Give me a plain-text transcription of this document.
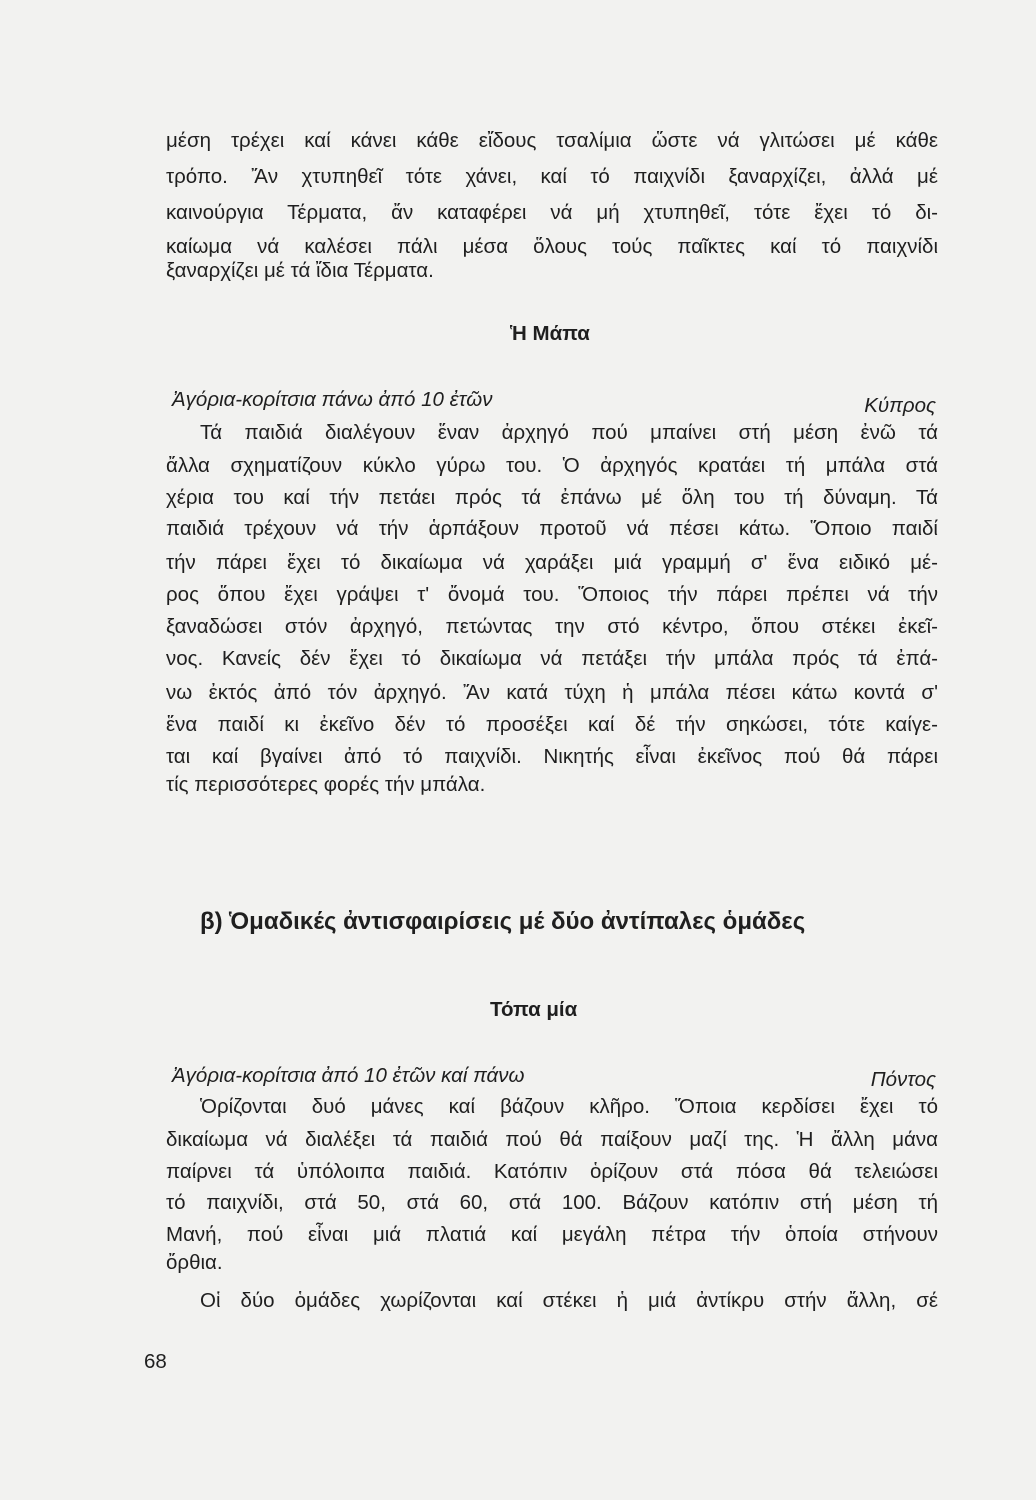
μέση τρέχει καί κάνει κάθε εἴδους τσαλίμια ὥστε νά γλιτώσει μέ κάθε
τρόπο. Ἄν χτυπηθεῖ τότε χάνει, καί τό παιχνίδι ξαναρχίζει, ἀλλά μέ
καινούργια Τέρματα, ἄν καταφέρει νά μή χτυπηθεῖ, τότε ἔχει τό δι-
καίωμα νά καλέσει πάλι μέσα ὅλους τούς παῖκτες καί τό παιχνίδι
ξαναρχίζει μέ τά ἴδια Τέρματα.
Ἡ Μάπα
Ἀγόρια-κορίτσια πάνω ἀπό 10 ἐτῶν	Κύπρος
Τά παιδιά διαλέγουν ἕναν ἀρχηγό πού μπαίνει στή μέση ἐνῶ τά
ἄλλα σχηματίζουν κύκλο γύρω του. Ὁ ἀρχηγός κρατάει τή μπάλα στά
χέρια του καί τήν πετάει πρός τά ἐπάνω μέ ὅλη του τή δύναμη. Τά
παιδιά τρέχουν νά τήν ἁρπάξουν προτοῦ νά πέσει κάτω. Ὅποιο παιδί
τήν πάρει ἔχει τό δικαίωμα νά χαράξει μιά γραμμή σ' ἕνα ειδικό μέ-
ρος ὅπου ἔχει γράψει τ' ὄνομά του. Ὅποιος τήν πάρει πρέπει νά τήν
ξαναδώσει στόν ἀρχηγό, πετώντας την στό κέντρο, ὅπου στέκει ἐκεῖ-
νος. Κανείς δέν ἔχει τό δικαίωμα νά πετάξει τήν μπάλα πρός τά ἐπά-
νω ἐκτός ἀπό τόν ἀρχηγό. Ἄν κατά τύχη ἡ μπάλα πέσει κάτω κοντά σ'
ἕνα παιδί κι ἐκεῖνο δέν τό προσέξει καί δέ τήν σηκώσει, τότε καίγε-
ται καί βγαίνει ἀπό τό παιχνίδι. Νικητής εἶναι ἐκεῖνος πού θά πάρει
τίς περισσότερες φορές τήν μπάλα.
β) Ὁμαδικές ἀντισφαιρίσεις μέ δύο ἀντίπαλες ὁμάδες
Τόπα μία
Ἀγόρια-κορίτσια ἀπό 10 ἐτῶν καί πάνω	Πόντος
Ὁρίζονται δυό μάνες καί βάζουν κλῆρο. Ὅποια κερδίσει ἔχει τό
δικαίωμα νά διαλέξει τά παιδιά πού θά παίξουν μαζί της. Ἡ ἄλλη μάνα
παίρνει τά ὑπόλοιπα παιδιά. Κατόπιν ὁρίζουν στά πόσα θά τελειώσει
τό παιχνίδι, στά 50, στά 60, στά 100. Βάζουν κατόπιν στή μέση τή
Μανή, πού εἶναι μιά πλατιά καί μεγάλη πέτρα τήν ὁποία στήνουν
ὄρθια.
Οἱ δύο ὁμάδες χωρίζονται καί στέκει ἡ μιά ἀντίκρυ στήν ἄλλη, σέ
68
